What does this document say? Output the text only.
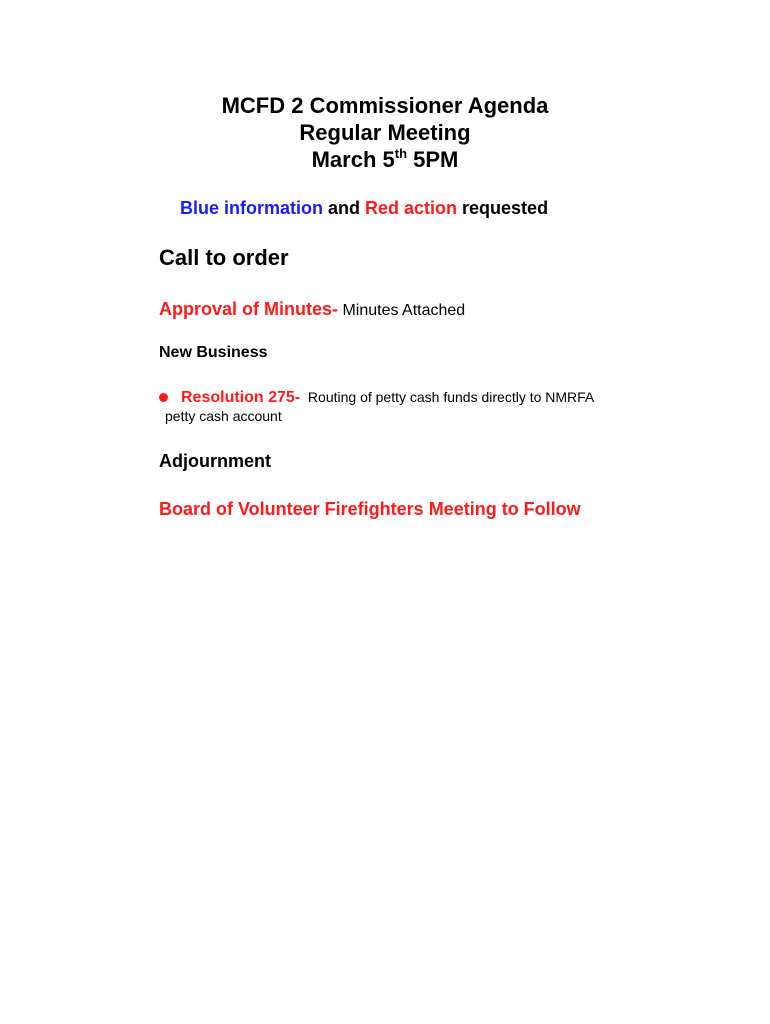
MCFD 2 Commissioner Agenda
Regular Meeting
March 5th 5PM
Blue information and Red action requested
Call to order
Approval of Minutes- Minutes Attached
New Business
Resolution 275-  Routing of petty cash funds directly to NMRFA
petty cash account
Adjournment
Board of Volunteer Firefighters Meeting to Follow
